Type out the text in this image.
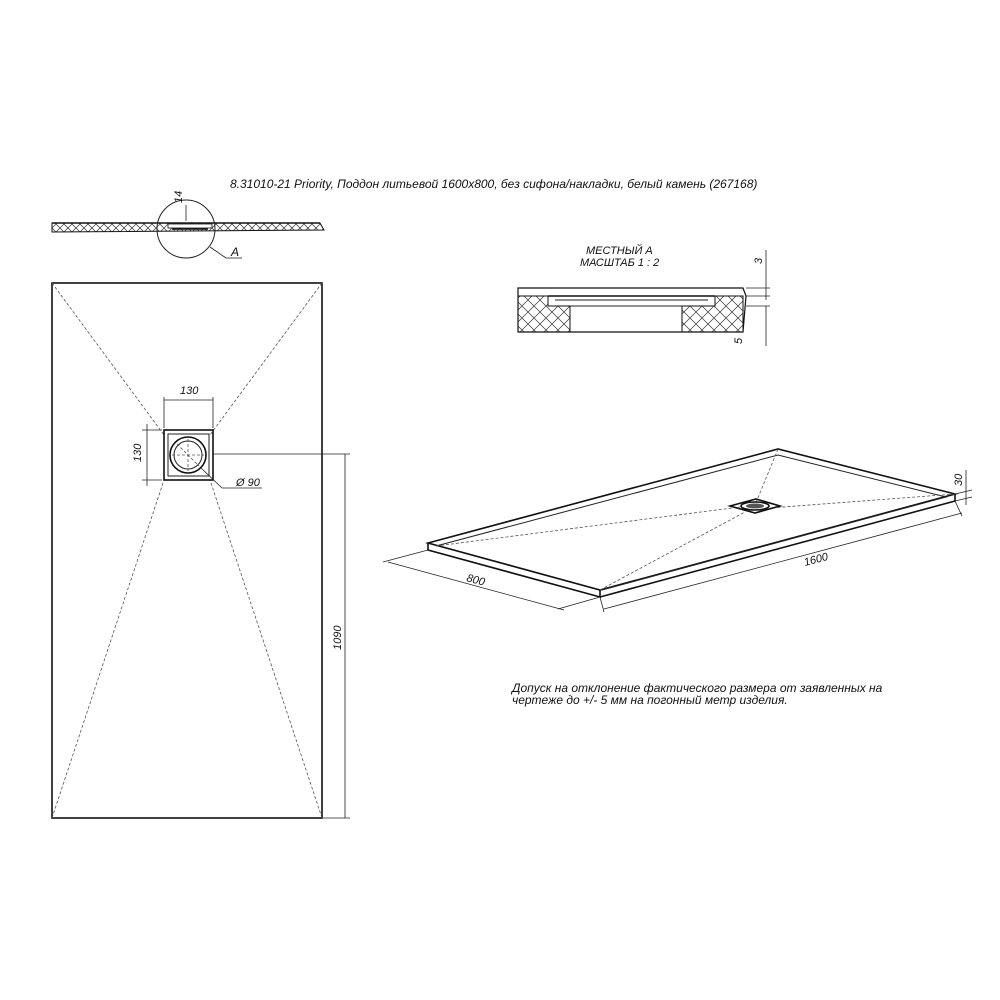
8.31010-21 Priority, Поддон литьевой 1600x800, без сифона/накладки, белый камень (267168)

A
14
130
130
Ø 90
1090
МЕСТНЫЙ А
МАСШТАБ 1 : 2	3
5
800
1600
30
Допуск на отклонение фактического размера от заявленных на
чертеже до +/- 5 мм на погонный метр изделия.
